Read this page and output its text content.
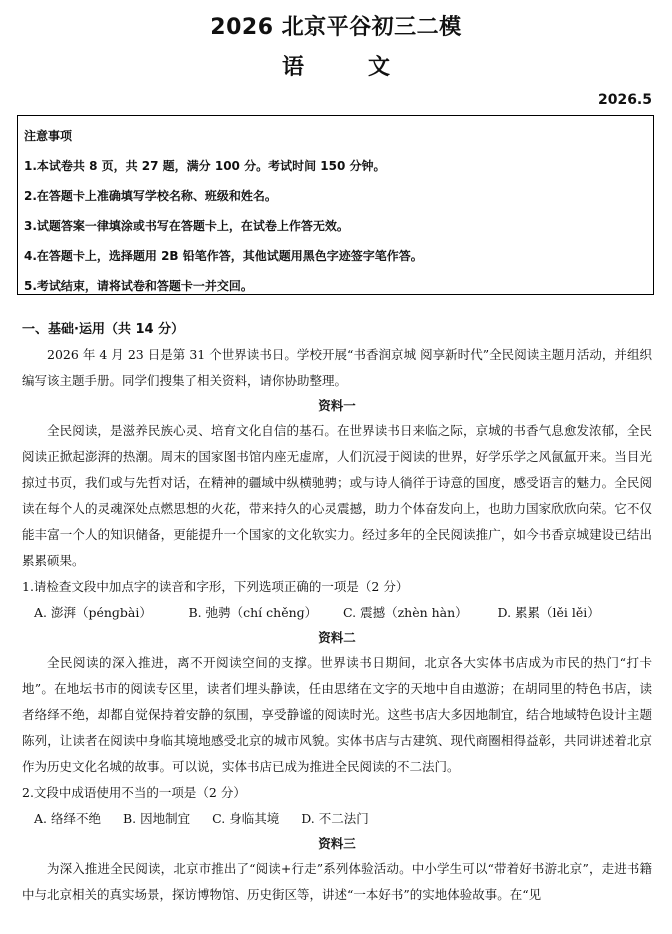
2026 北京平谷初三二模
语	文
2026.5
注意事项
1.本试卷共 8 页，共 27 题，满分 100 分。考试时间 150 分钟。
2.在答题卡上准确填写学校名称、班级和姓名。
3.试题答案一律填涂或书写在答题卡上，在试卷上作答无效。
4.在答题卡上，选择题用 2B 铅笔作答，其他试题用黑色字迹签字笔作答。
5.考试结束，请将试卷和答题卡一并交回。
一、基础·运用（共 14 分）
2026 年 4 月 23 日是第 31 个世界读书日。学校开展“书香润京城 阅享新时代”全民阅读主题月活动，并组织编写该主题手册。同学们搜集了相关资料，请你协助整理。
资料一
全民阅读，是滋养民族心灵、培育文化自信的基石。在世界读书日来临之际，京城的书香气息愈发浓郁，全民阅读正掀起澎湃的热潮。周末的国家图书馆内座无虚席，人们沉浸于阅读的世界，好学乐学之风氤氲开来。当目光掠过书页，我们或与先哲对话，在精神的疆域中纵横驰骋；或与诗人徜徉于诗意的国度，感受语言的魅力。全民阅读在每个人的灵魂深处点燃思想的火花，带来持久的心灵震撼，助力个体奋发向上，也助力国家欣欣向荣。它不仅能丰富一个人的知识储备，更能提升一个国家的文化软实力。经过多年的全民阅读推广，如今书香京城建设已结出累累硕果。
1.请检查文段中加点字的读音和字形，下列选项正确的一项是（2 分）
A. 澎湃（pénɡbài）	B. 弛骋（chí chěnɡ）	C. 震撼（zhèn hàn）	D. 累累（lěi lěi）
资料二
全民阅读的深入推进，离不开阅读空间的支撑。世界读书日期间，北京各大实体书店成为市民的热门“打卡地”。在地坛书市的阅读专区里，读者们埋头静读，任由思绪在文字的天地中自由遨游；在胡同里的特色书店，读者络绎不绝，却都自觉保持着安静的氛围，享受静谧的阅读时光。这些书店大多因地制宜，结合地域特色设计主题陈列，让读者在阅读中身临其境地感受北京的城市风貌。实体书店与古建筑、现代商圈相得益彰，共同讲述着北京作为历史文化名城的故事。可以说，实体书店已成为推进全民阅读的不二法门。
2.文段中成语使用不当的一项是（2 分）
A. 络绎不绝 B. 因地制宜 C. 身临其境 D. 不二法门
资料三
为深入推进全民阅读，北京市推出了“阅读+行走”系列体验活动。中小学生可以“带着好书游北京”，走进书籍中与北京相关的真实场景，探访博物馆、历史街区等，讲述“一本好书”的实地体验故事。在“见
